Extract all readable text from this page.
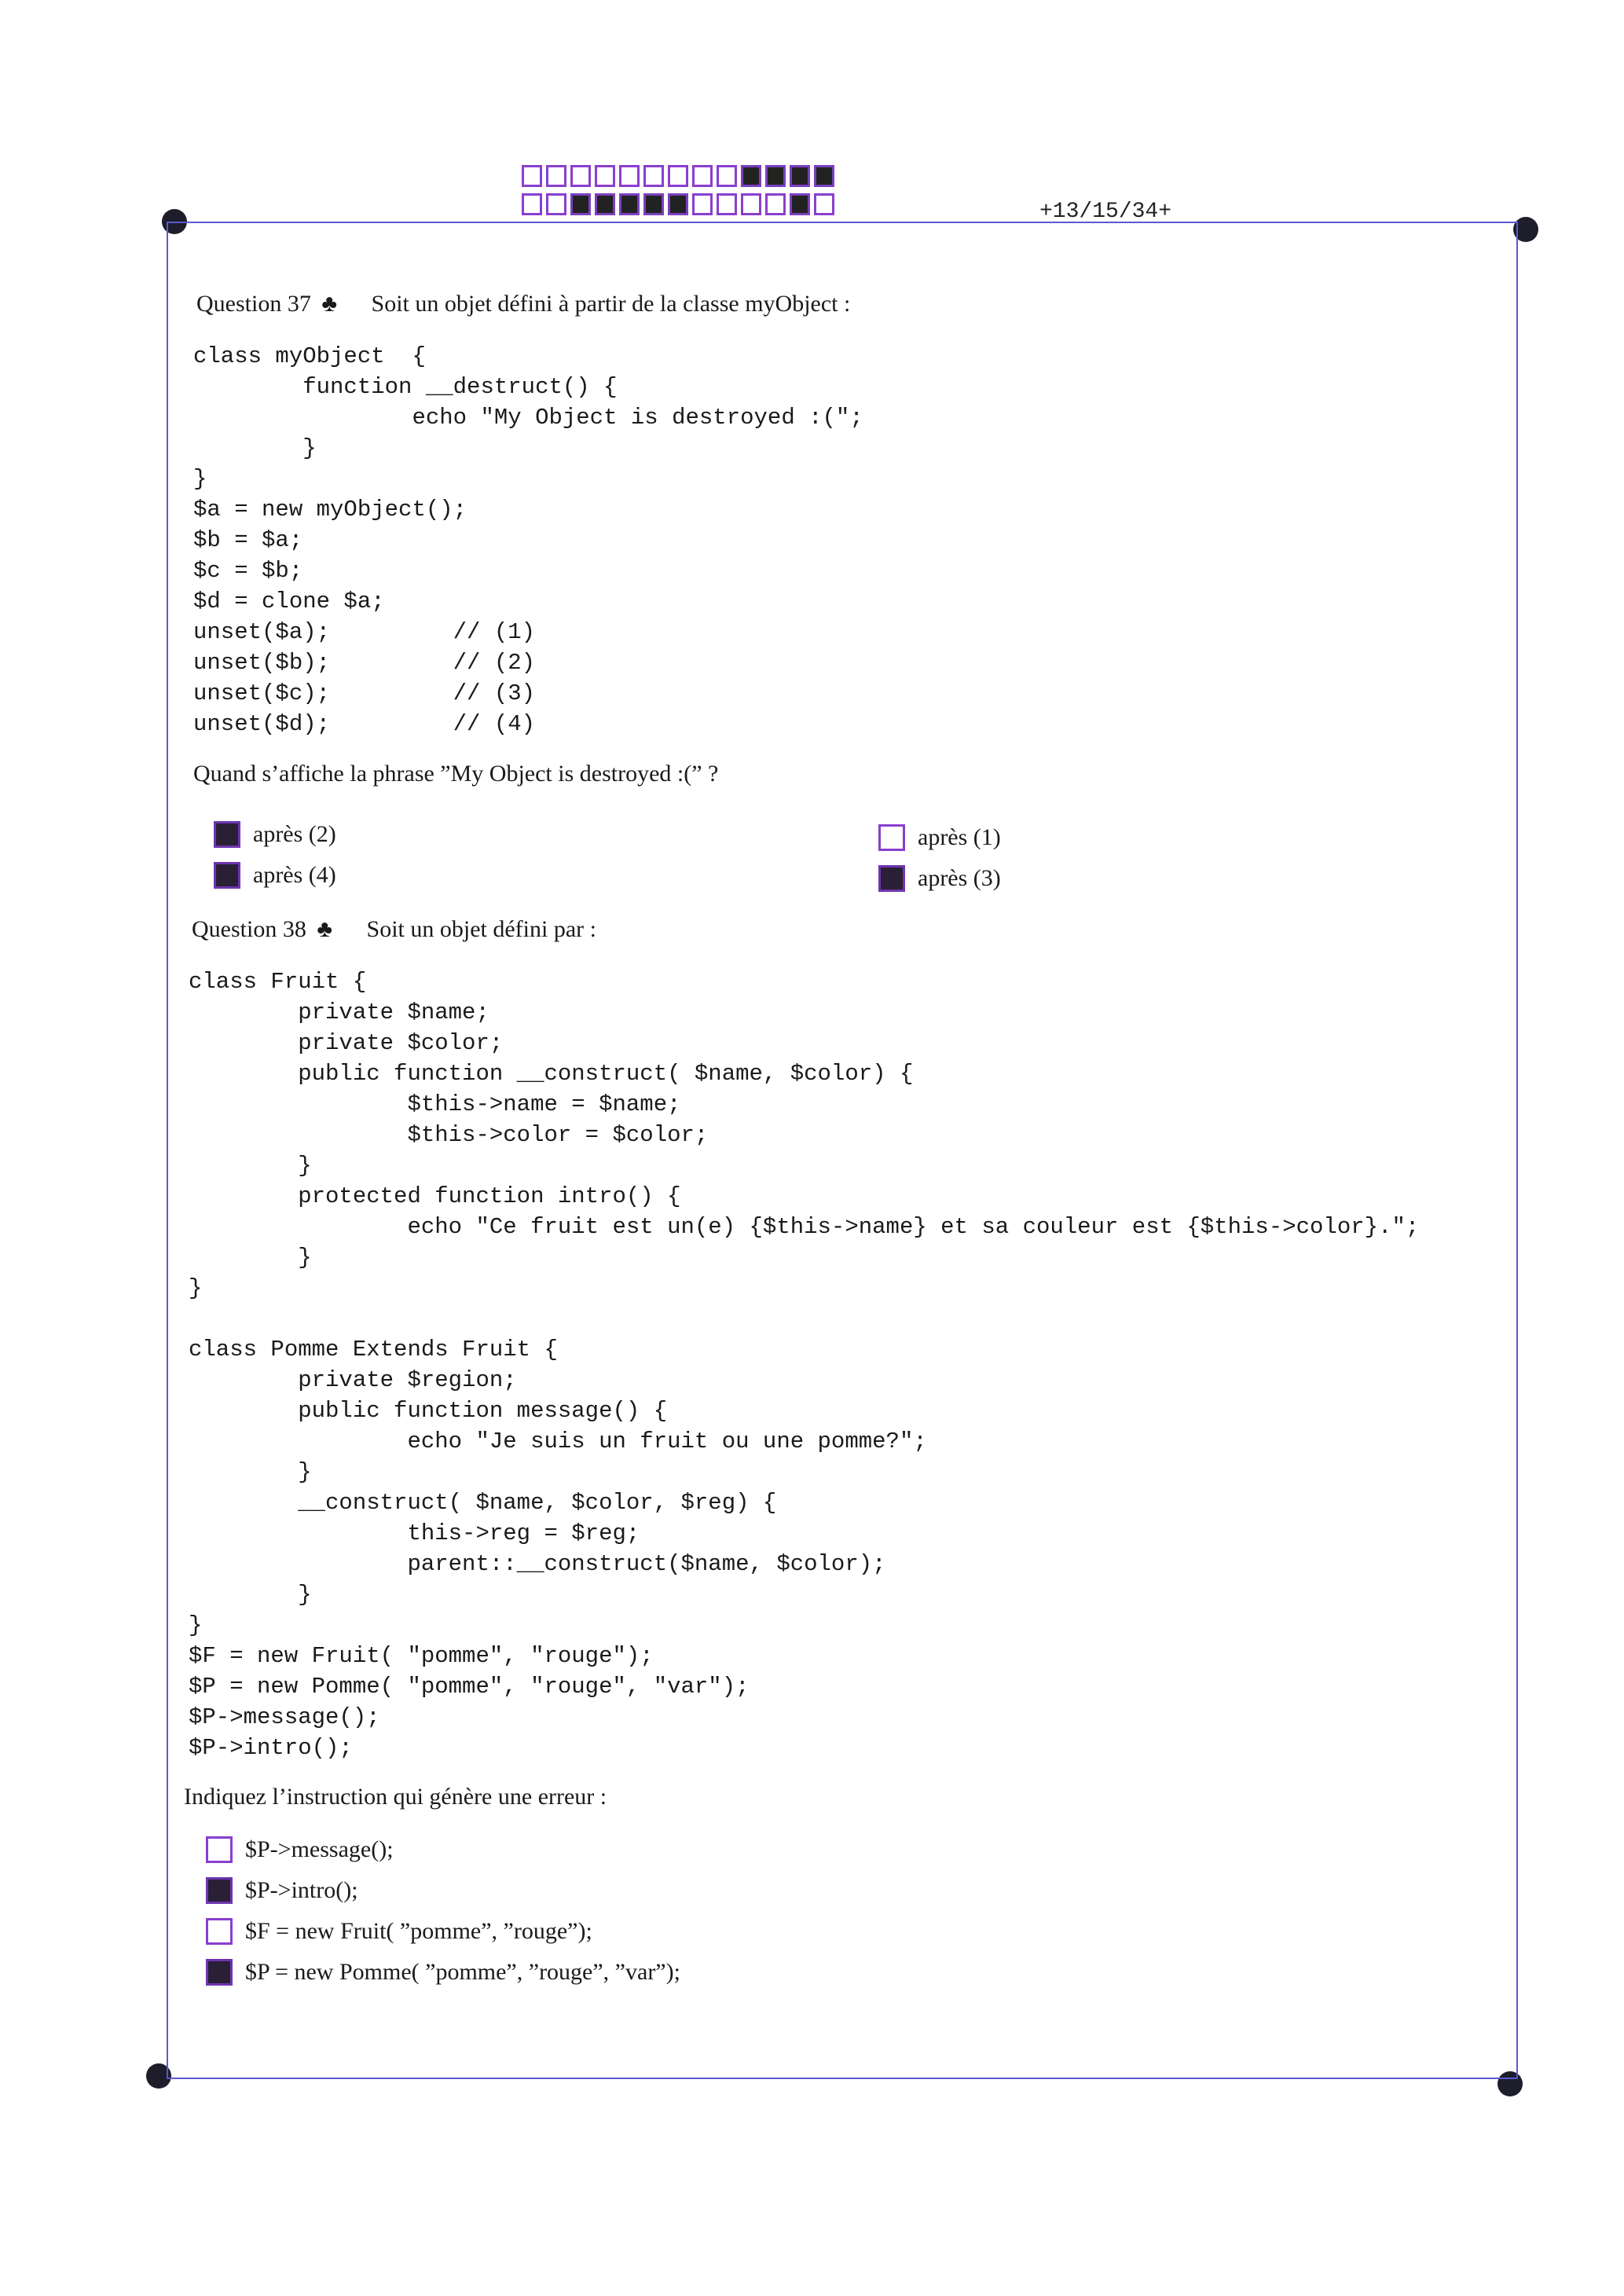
+13/15/34+
Question 37 ♣ Soit un objet défini à partir de la classe myObject :
class myObject  {
function __destruct() {
echo "My Object is destroyed :(";
}
}
$a = new myObject();
$b = $a;
$c = $b;
$d = clone $a;
unset($a);         // (1)
unset($b);         // (2)
unset($c);         // (3)
unset($d);         // (4)
Quand s’affiche la phrase ”My Object is destroyed :(” ?
après (2)
après (4)
après (1)
après (3)
Question 38 ♣ Soit un objet défini par :
class Fruit {
private $name;
private $color;
public function __construct( $name, $color) {
$this->name = $name;
$this->color = $color;
}
protected function intro() {
echo "Ce fruit est un(e) {$this->name} et sa couleur est {$this->color}.";
}
}

class Pomme Extends Fruit {
private $region;
public function message() {
echo "Je suis un fruit ou une pomme?";
}
__construct( $name, $color, $reg) {
this->reg = $reg;
parent::__construct($name, $color);
}
}
$F = new Fruit( "pomme", "rouge");
$P = new Pomme( "pomme", "rouge", "var");
$P->message();
$P->intro();
Indiquez l’instruction qui génère une erreur :
$P->message();
$P->intro();
$F = new Fruit( ”pomme”, ”rouge”);
$P = new Pomme( ”pomme”, ”rouge”, ”var”);
